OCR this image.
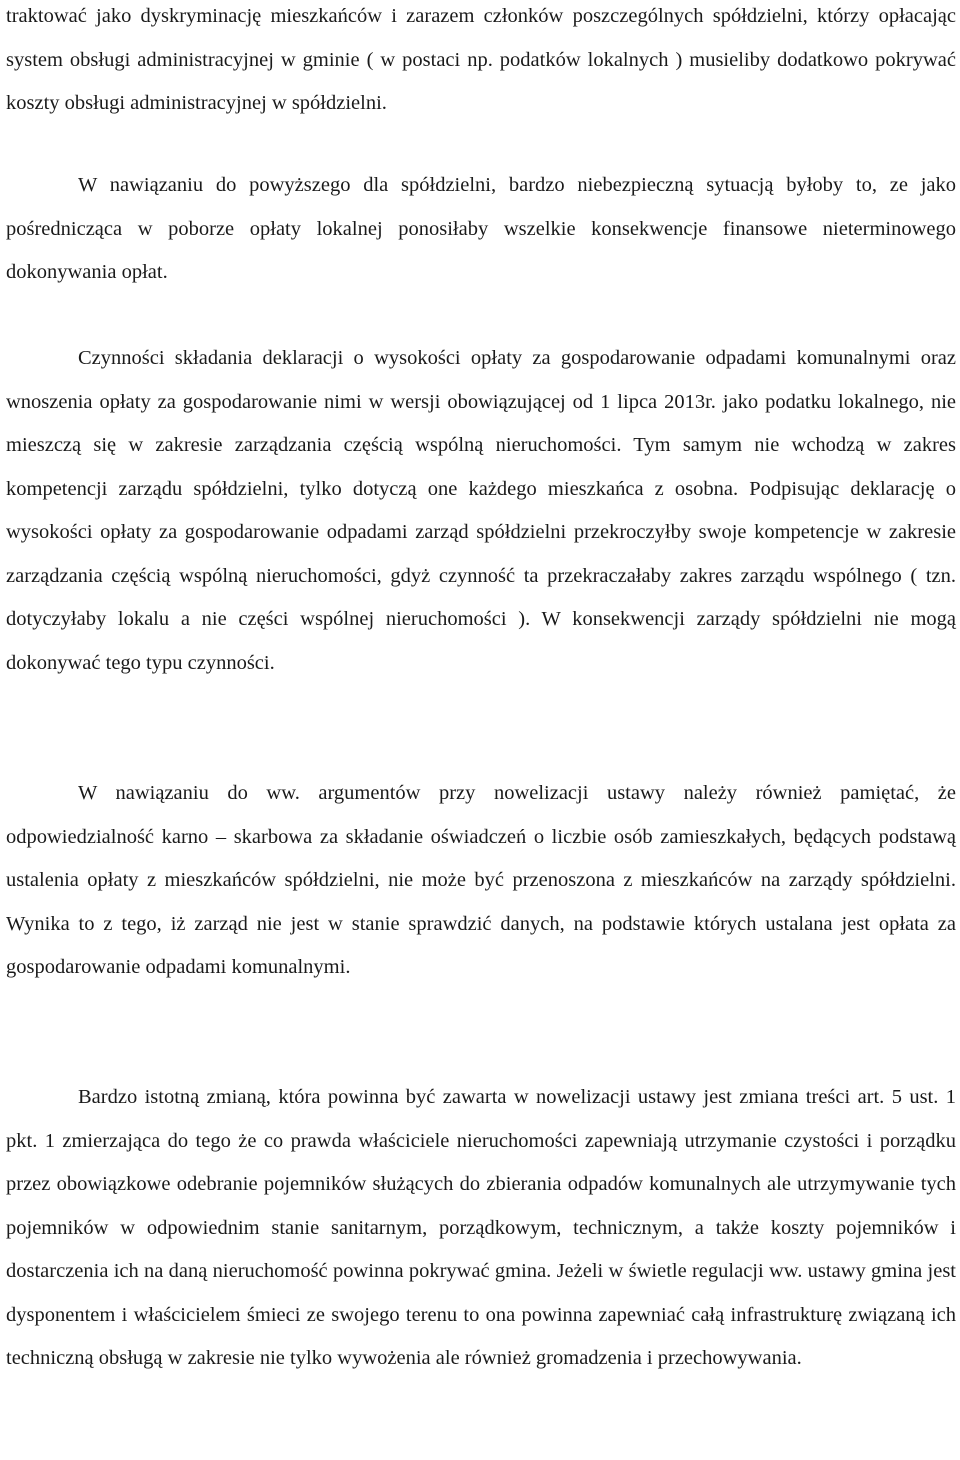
traktować jako dyskryminację mieszkańców i zarazem członków poszczególnych spółdzielni, którzy opłacając system obsługi administracyjnej w gminie ( w postaci np. podatków lokalnych ) musieliby dodatkowo pokrywać koszty obsługi administracyjnej w spółdzielni.

W nawiązaniu do powyższego dla spółdzielni, bardzo niebezpieczną sytuacją byłoby to, ze jako pośrednicząca w poborze opłaty lokalnej ponosiłaby wszelkie konsekwencje finansowe nieterminowego dokonywania opłat.

Czynności składania deklaracji o wysokości opłaty za gospodarowanie odpadami komunalnymi oraz wnoszenia opłaty za gospodarowanie nimi w wersji obowiązującej od 1 lipca 2013r. jako podatku lokalnego, nie mieszczą się w zakresie zarządzania częścią wspólną nieruchomości. Tym samym nie wchodzą w zakres kompetencji zarządu spółdzielni, tylko dotyczą one każdego mieszkańca z osobna. Podpisując deklarację o wysokości opłaty za gospodarowanie odpadami zarząd spółdzielni przekroczyłby swoje kompetencje w zakresie zarządzania częścią wspólną nieruchomości, gdyż czynność ta przekraczałaby zakres zarządu wspólnego ( tzn. dotyczyłaby lokalu a nie części wspólnej nieruchomości ). W konsekwencji zarządy spółdzielni nie mogą dokonywać tego typu czynności.

W nawiązaniu do ww. argumentów przy nowelizacji ustawy należy również pamiętać, że odpowiedzialność karno – skarbowa za składanie oświadczeń o liczbie osób zamieszkałych, będących podstawą ustalenia opłaty z mieszkańców spółdzielni, nie może być przenoszona z mieszkańców na zarządy spółdzielni. Wynika to z tego, iż zarząd nie jest w stanie sprawdzić danych, na podstawie których ustalana jest opłata za gospodarowanie odpadami komunalnymi.

Bardzo istotną zmianą, która powinna być zawarta w nowelizacji ustawy jest zmiana treści art. 5 ust. 1 pkt. 1 zmierzająca do tego że co prawda właściciele nieruchomości zapewniają utrzymanie czystości i porządku przez obowiązkowe odebranie pojemników służących do zbierania odpadów komunalnych ale utrzymywanie tych pojemników w odpowiednim stanie sanitarnym, porządkowym, technicznym, a także koszty pojemników i dostarczenia ich na daną nieruchomość powinna pokrywać gmina. Jeżeli w świetle regulacji ww. ustawy gmina jest dysponentem i właścicielem śmieci ze swojego terenu to ona powinna zapewniać całą infrastrukturę związaną ich techniczną obsługą w zakresie nie tylko wywożenia ale również gromadzenia i przechowywania.
